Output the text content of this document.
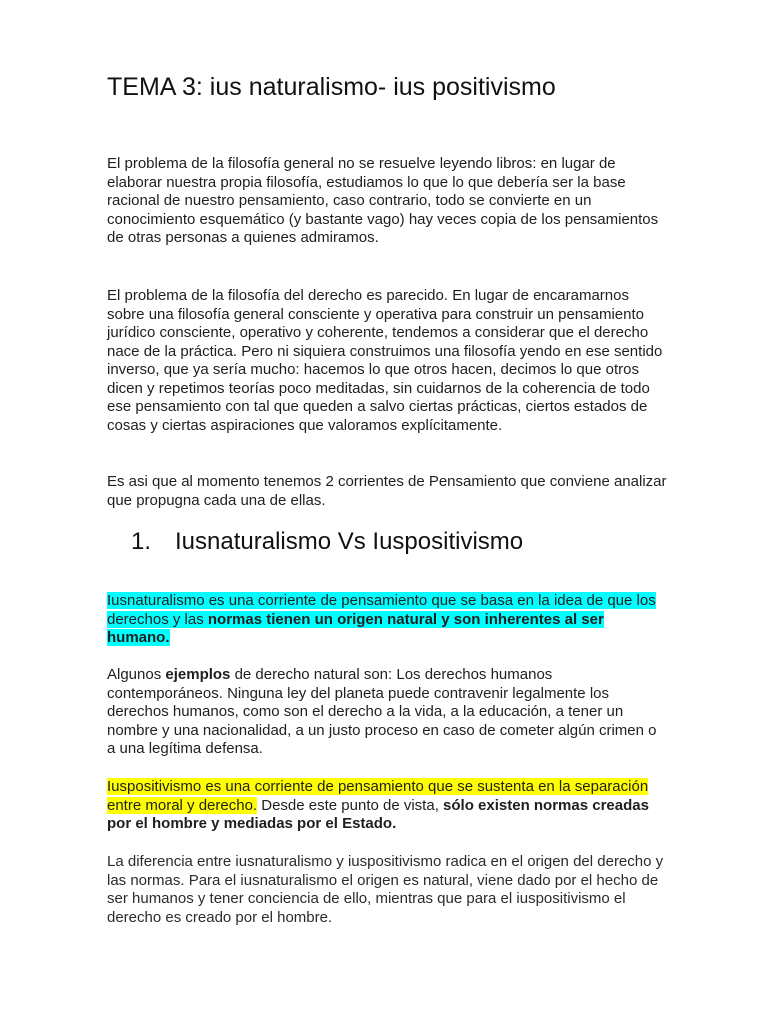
TEMA 3: ius naturalismo- ius positivismo

El problema de la filosofía general no se resuelve leyendo libros: en lugar de elaborar nuestra propia filosofía, estudiamos lo que lo que debería ser la base racional de nuestro pensamiento, caso contrario, todo se convierte en un conocimiento esquemático (y bastante vago) hay veces copia de los pensamientos de otras personas a quienes admiramos.

El problema de la filosofía del derecho es parecido. En lugar de encaramarnos sobre una filosofía general consciente y operativa para construir un pensamiento jurídico consciente, operativo y coherente, tendemos a considerar que el derecho nace de la práctica. Pero ni siquiera construimos una filosofía yendo en ese sentido inverso, que ya sería mucho: hacemos lo que otros hacen, decimos lo que otros dicen y repetimos teorías poco meditadas, sin cuidarnos de la coherencia de todo ese pensamiento con tal que queden a salvo ciertas prácticas, ciertos estados de cosas y ciertas aspiraciones que valoramos explícitamente.

Es asi que al momento tenemos 2 corrientes de Pensamiento que conviene analizar que propugna cada una de ellas.

1. Iusnaturalismo Vs Iuspositivismo

Iusnaturalismo es una corriente de pensamiento que se basa en la idea de que los derechos y las normas tienen un origen natural y son inherentes al ser humano.

Algunos ejemplos de derecho natural son: Los derechos humanos contemporáneos. Ninguna ley del planeta puede contravenir legalmente los derechos humanos, como son el derecho a la vida, a la educación, a tener un nombre y una nacionalidad, a un justo proceso en caso de cometer algún crimen o a una legítima defensa.

Iuspositivismo es una corriente de pensamiento que se sustenta en la separación entre moral y derecho. Desde este punto de vista, sólo existen normas creadas por el hombre y mediadas por el Estado.

La diferencia entre iusnaturalismo y iuspositivismo radica en el origen del derecho y las normas. Para el iusnaturalismo el origen es natural, viene dado por el hecho de ser humanos y tener conciencia de ello, mientras que para el iuspositivismo el derecho es creado por el hombre.
